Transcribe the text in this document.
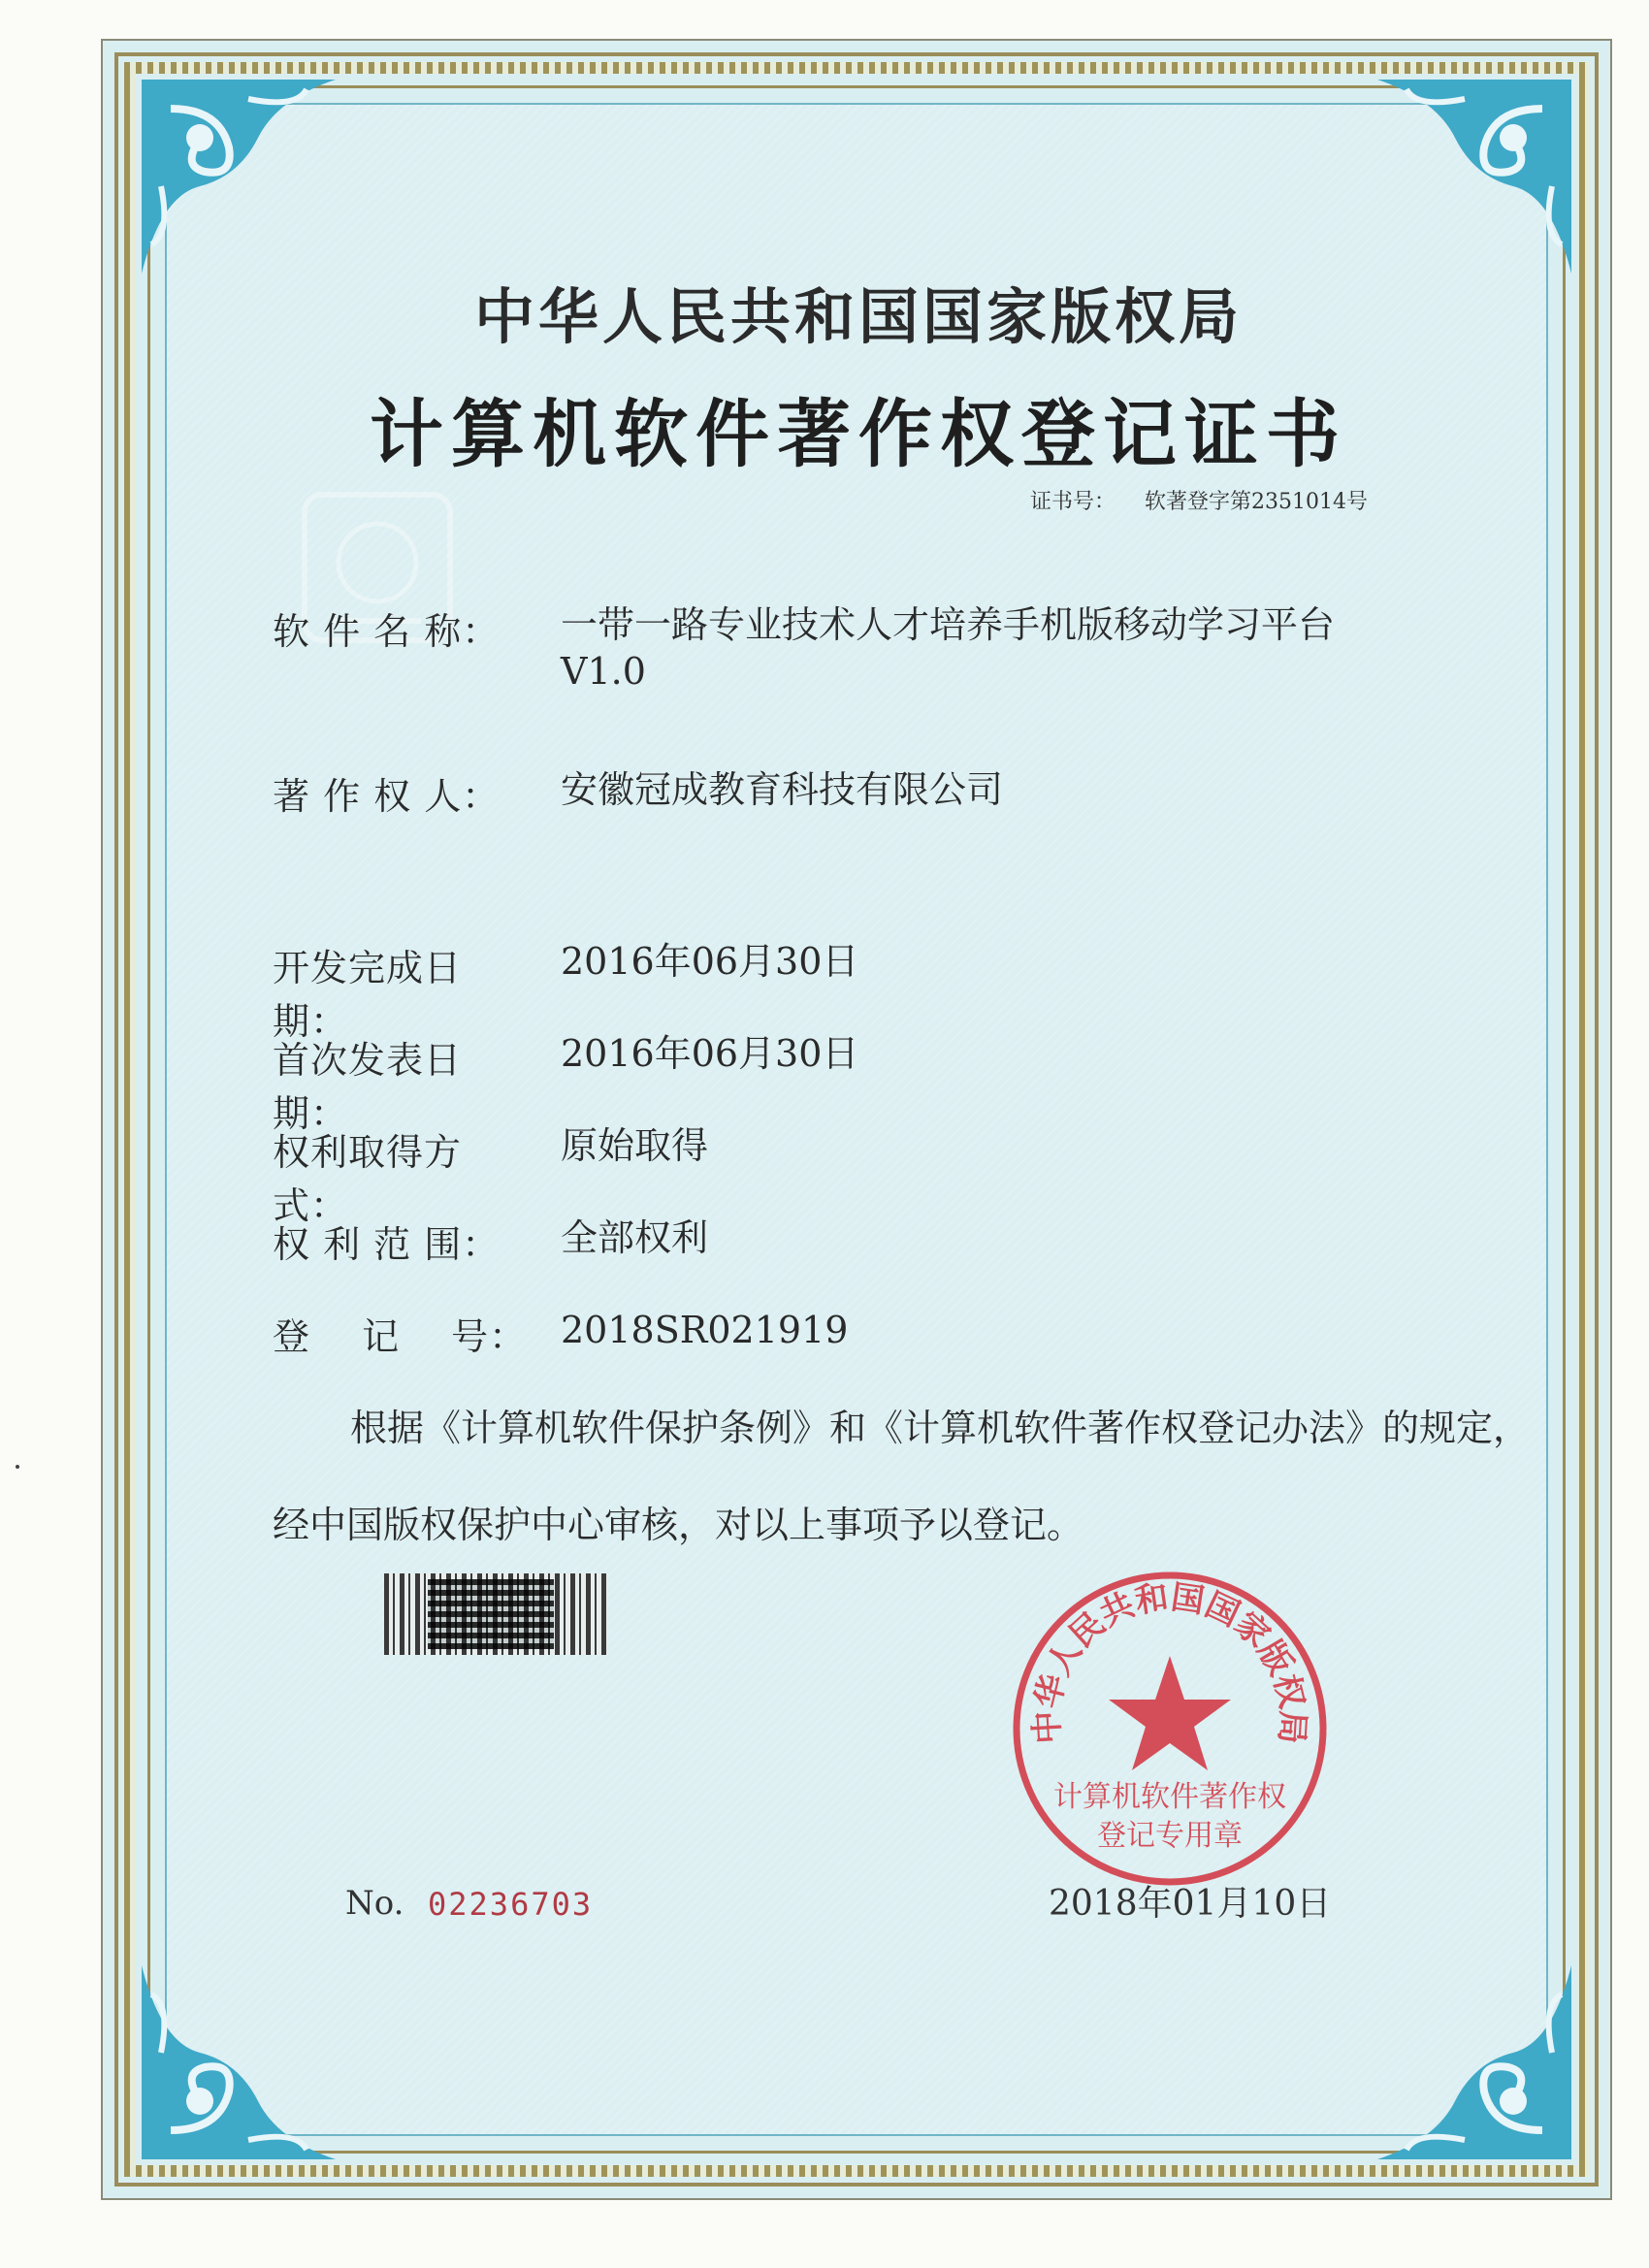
中华人民共和国国家版权局
计算机软件著作权登记证书
证书号： 软著登字第2351014号
软 件 名 称：	一带一路专业技术人才培养手机版移动学习平台
V1.0
著 作 权 人：	安徽冠成教育科技有限公司
开发完成日期：
2016年06月30日
首次发表日期：
2016年06月30日
权利取得方式：
原始取得
权 利 范 围：	全部权利
登 记 号： 2018SR021919
根据《计算机软件保护条例》和《计算机软件著作权登记办法》的规定，经中国版权保护中心审核，对以上事项予以登记。
中华人民共和国国家版权局
计算机软件著作权
登记专用章
No. 02236703	2018年01月10日
